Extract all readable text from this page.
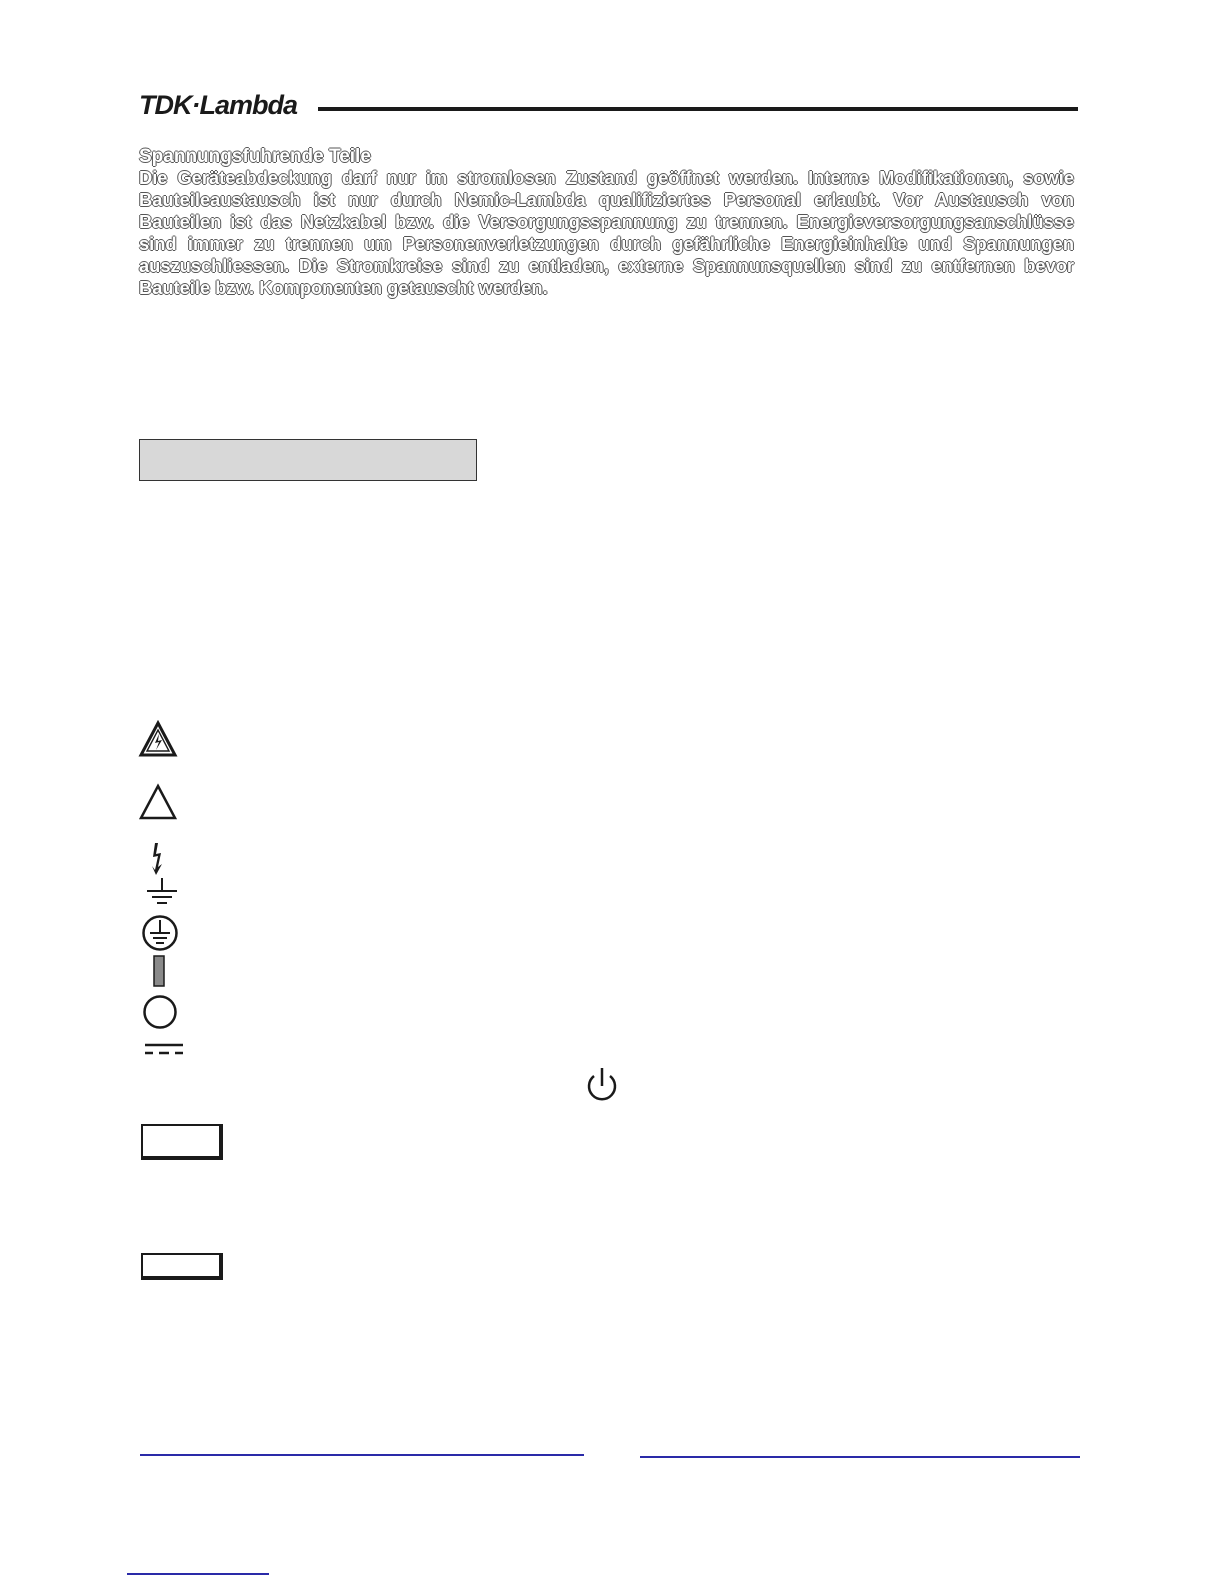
TDK·Lambda
Spannungsfuhrende Teile
Die Geräteabdeckung darf nur im stromlosen Zustand geöffnet werden. Interne Modifikationen, sowie Bauteileaustausch ist nur durch Nemic-Lambda qualifiziertes Personal erlaubt. Vor Austausch von Bauteilen ist das Netzkabel bzw. die Versorgungsspannung zu trennen. Energieversorgungsanschlüsse sind immer zu trennen um Personenverletzungen durch gefährliche Energieinhalte und Spannungen auszuschliessen. Die Stromkreise sind zu entladen, externe Spannunsquellen sind zu entfernen bevor Bauteile bzw. Komponenten getauscht werden.
